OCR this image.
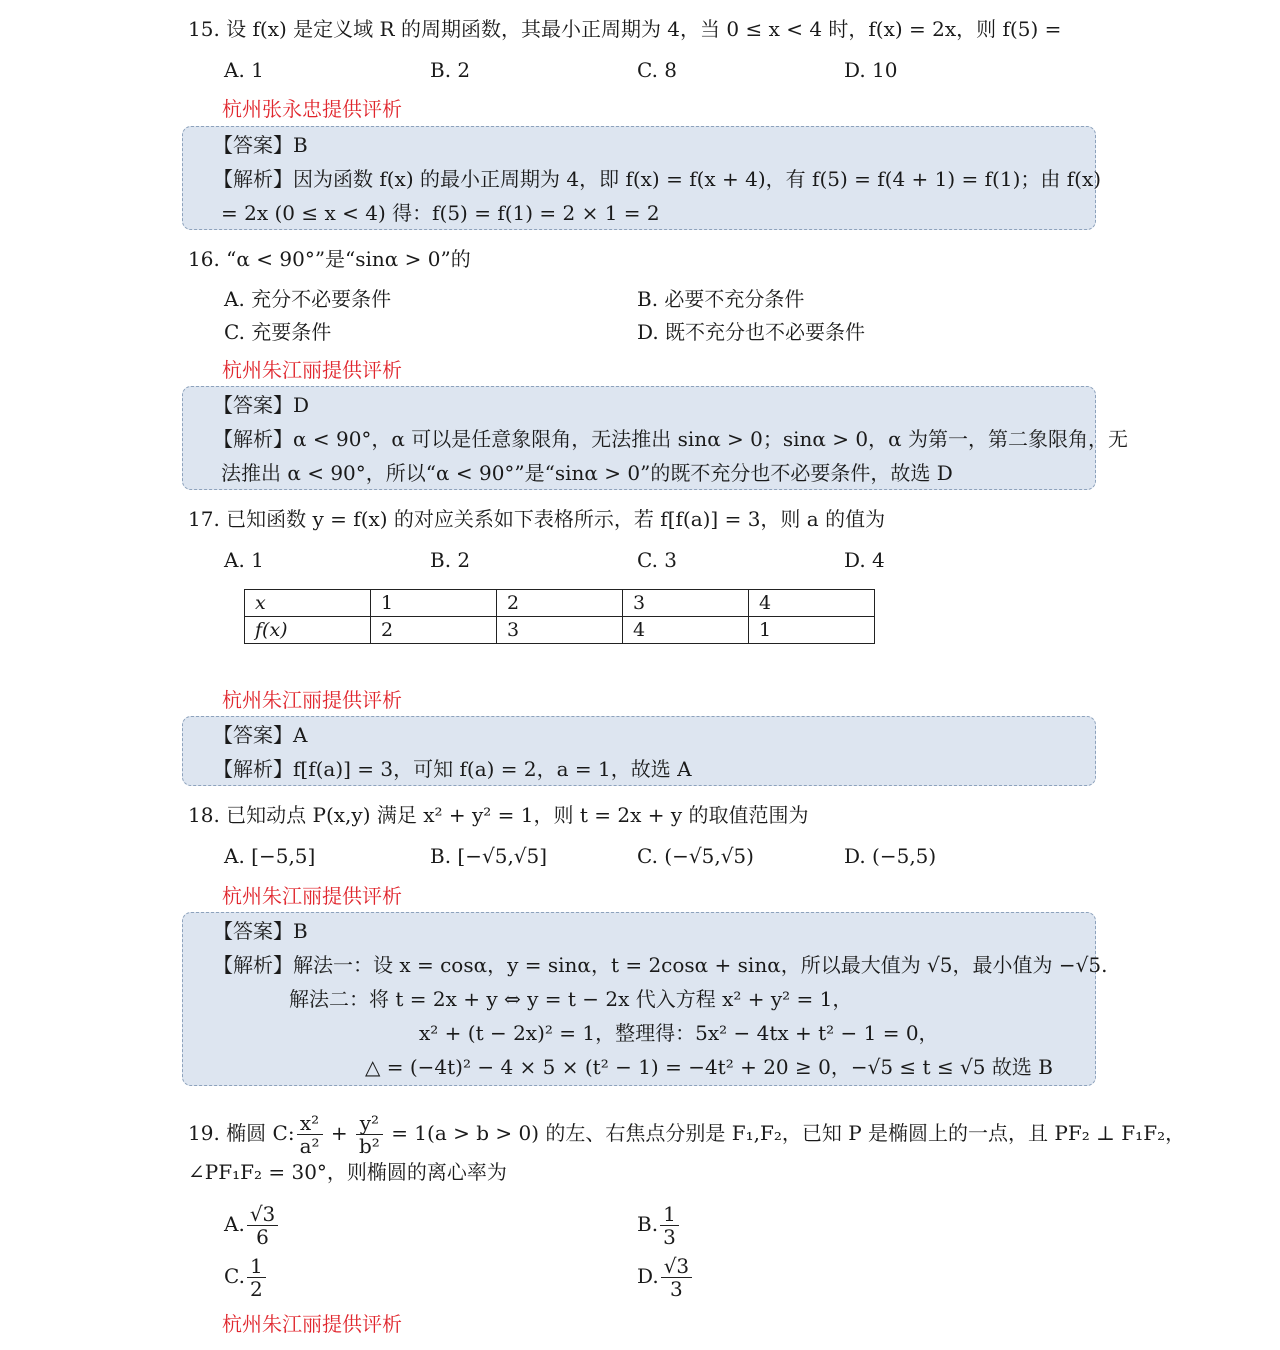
15. 设 f(x) 是定义域 R 的周期函数，其最小正周期为 4，当 0 ≤ x < 4 时，f(x) = 2x，则 f(5) =
A. 1	B. 2	C. 8	D. 10
杭州张永忠提供评析
【答案】B
【解析】因为函数 f(x) 的最小正周期为 4，即 f(x) = f(x + 4)，有 f(5) = f(4 + 1) = f(1)；由 f(x)
= 2x (0 ≤ x < 4) 得：f(5) = f(1) = 2 × 1 = 2
16. “α < 90°”是“sinα > 0”的
A. 充分不必要条件	B. 必要不充分条件
C. 充要条件	D. 既不充分也不必要条件
杭州朱江丽提供评析
【答案】D
【解析】α < 90°，α 可以是任意象限角，无法推出 sinα > 0；sinα > 0，α 为第一，第二象限角，无
法推出 α < 90°，所以“α < 90°”是“sinα > 0”的既不充分也不必要条件，故选 D
17. 已知函数 y = f(x) 的对应关系如下表格所示，若 f[f(a)] = 3，则 a 的值为
A. 1	B. 2	C. 3	D. 4
x	1	2	3	4
f(x)	2	3	4	1
杭州朱江丽提供评析
【答案】A
【解析】f[f(a)] = 3，可知 f(a) = 2，a = 1，故选 A
18. 已知动点 P(x,y) 满足 x² + y² = 1，则 t = 2x + y 的取值范围为
A. [−5,5]	B. [−√5,√5]	C. (−√5,√5)	D. (−5,5)
杭州朱江丽提供评析
【答案】B
【解析】解法一：设 x = cosα，y = sinα，t = 2cosα + sinα，所以最大值为 √5，最小值为 −√5.
解法二：将 t = 2x + y ⇔ y = t − 2x 代入方程 x² + y² = 1，
x² + (t − 2x)² = 1，整理得：5x² − 4tx + t² − 1 = 0，
△ = (−4t)² − 4 × 5 × (t² − 1) = −4t² + 20 ≥ 0，−√5 ≤ t ≤ √5 故选 B
19. 椭圆 C: $\frac{\text{x²}}{\text{a²}} + \frac{\text{y²}}{\text{b²}} = 1(a > b > 0)$ 的左、右焦点分别是 F₁,F₂，已知 P 是椭圆上的一点，且 PF₂ ⊥ F₁F₂，
∠PF₁F₂ = 30°，则椭圆的离心率为
A. $\frac{√3}{6}$	B. $\frac{1}{3}$
C. $\frac{1}{2}$	D. $\frac{√3}{3}$
杭州朱江丽提供评析
